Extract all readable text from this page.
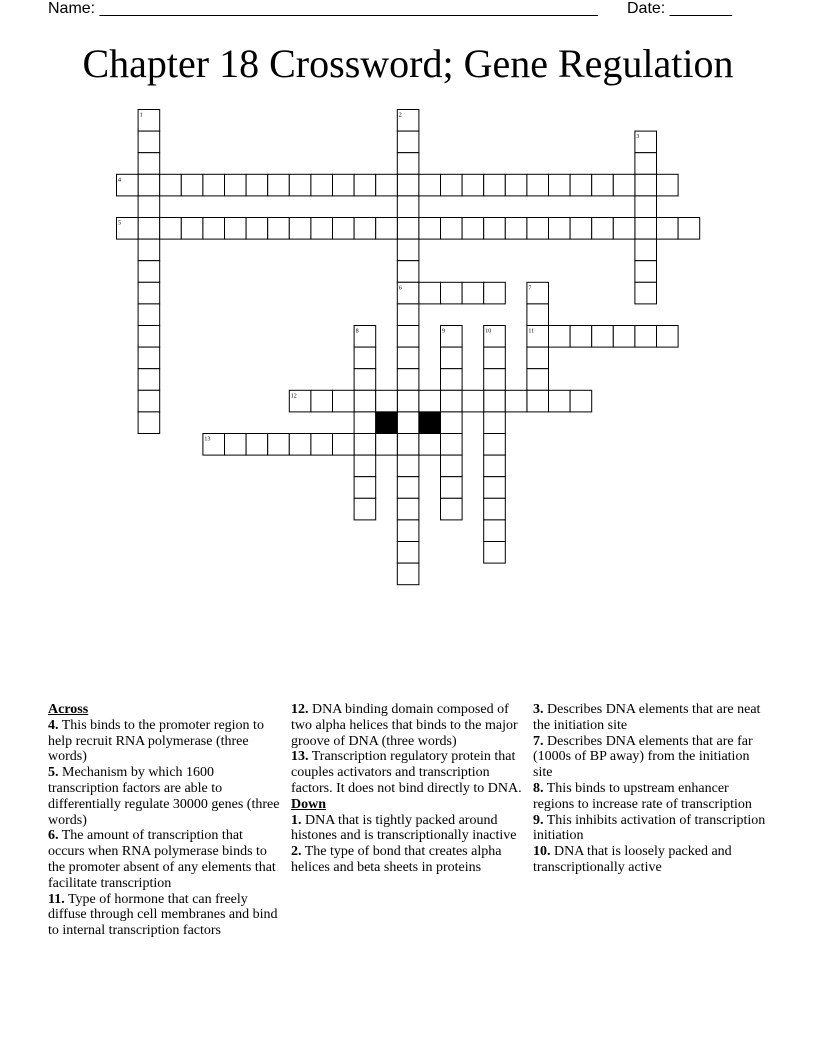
Name: ________________________________________________________ Date: _______
Chapter 18 Crossword; Gene Regulation
1	2
3
4
5
6	7
8	9	10	11
12
13
Across
4. This binds to the promoter region to help recruit RNA polymerase (three words)
5. Mechanism by which 1600 transcription factors are able to differentially regulate 30000 genes (three words)
6. The amount of transcription that occurs when RNA polymerase binds to the promoter absent of any elements that facilitate transcription
11. Type of hormone that can freely diffuse through cell membranes and bind to internal transcription factors
12. DNA binding domain composed of two alpha helices that binds to the major groove of DNA (three words)
13. Transcription regulatory protein that couples activators and transcription factors. It does not bind directly to DNA.
Down
1. DNA that is tightly packed around histones and is transcriptionally inactive
2. The type of bond that creates alpha helices and beta sheets in proteins
3. Describes DNA elements that are neat the initiation site
7. Describes DNA elements that are far (1000s of BP away) from the initiation site
8. This binds to upstream enhancer regions to increase rate of transcription
9. This inhibits activation of transcription initiation
10. DNA that is loosely packed and transcriptionally active
